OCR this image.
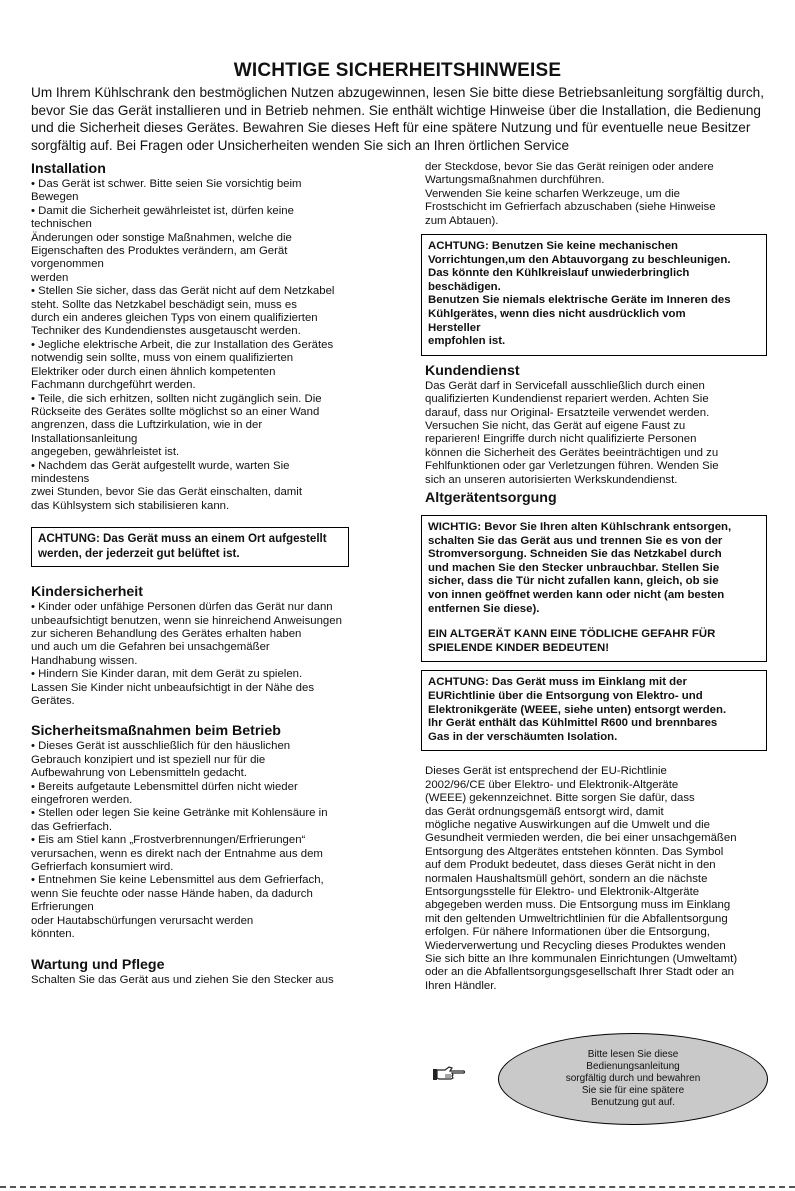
WICHTIGE SICHERHEITSHINWEISE
Um Ihrem Kühlschrank den bestmöglichen Nutzen abzugewinnen, lesen Sie bitte diese Betriebsanleitung sorgfältig durch, bevor Sie das Gerät installieren und in Betrieb nehmen. Sie enthält wichtige Hinweise über die Installation, die Bedienung und die Sicherheit dieses Gerätes. Bewahren Sie dieses Heft für eine spätere Nutzung und für eventuelle neue Besitzer sorgfältig auf. Bei Fragen oder Unsicherheiten wenden Sie sich an Ihren örtlichen Service
Installation
• Das Gerät ist schwer. Bitte seien Sie vorsichtig beim
Bewegen
• Damit die Sicherheit gewährleistet ist, dürfen keine
technischen
Änderungen oder sonstige Maßnahmen, welche die
Eigenschaften des Produktes verändern, am Gerät
vorgenommen
werden
• Stellen Sie sicher, dass das Gerät nicht auf dem Netzkabel
steht. Sollte das Netzkabel beschädigt sein, muss es
durch ein anderes gleichen Typs von einem qualifizierten
Techniker des Kundendienstes ausgetauscht werden.
• Jegliche elektrische Arbeit, die zur Installation des Gerätes
notwendig sein sollte, muss von einem qualifizierten
Elektriker oder durch einen ähnlich kompetenten
Fachmann durchgeführt werden.
• Teile, die sich erhitzen, sollten nicht zugänglich sein. Die
Rückseite des Gerätes sollte möglichst so an einer Wand
angrenzen, dass die Luftzirkulation, wie in der
Installationsanleitung
angegeben, gewährleistet ist.
• Nachdem das Gerät aufgestellt wurde, warten Sie
mindestens
zwei Stunden, bevor Sie das Gerät einschalten, damit
das Kühlsystem sich stabilisieren kann.
ACHTUNG: Das Gerät muss an einem Ort aufgestellt werden, der jederzeit gut belüftet ist.
Kindersicherheit
• Kinder oder unfähige Personen dürfen das Gerät nur dann
unbeaufsichtigt benutzen, wenn sie hinreichend Anweisungen
zur sicheren Behandlung des Gerätes erhalten haben
und auch um die Gefahren bei unsachgemäßer
Handhabung wissen.
• Hindern Sie Kinder daran, mit dem Gerät zu spielen.
Lassen Sie Kinder nicht unbeaufsichtigt in der Nähe des
Gerätes.
Sicherheitsmaßnahmen beim Betrieb
• Dieses Gerät ist ausschließlich für den häuslichen
Gebrauch konzipiert und ist speziell nur für die
Aufbewahrung von Lebensmitteln gedacht.
• Bereits aufgetaute Lebensmittel dürfen nicht wieder
eingefroren werden.
• Stellen oder legen Sie keine Getränke mit Kohlensäure in
das Gefrierfach.
• Eis am Stiel kann „Frostverbrennungen/Erfrierungen“
verursachen, wenn es direkt nach der Entnahme aus dem
Gefrierfach konsumiert wird.
• Entnehmen Sie keine Lebensmittel aus dem Gefrierfach,
wenn Sie feuchte oder nasse Hände haben, da dadurch
Erfrierungen
oder Hautabschürfungen verursacht werden
könnten.
Wartung und Pflege
Schalten Sie das Gerät aus und ziehen Sie den Stecker aus
der Steckdose, bevor Sie das Gerät reinigen oder andere
Wartungsmaßnahmen durchführen.
Verwenden Sie keine scharfen Werkzeuge, um die
Frostschicht im Gefrierfach abzuschaben (siehe Hinweise
zum Abtauen).
ACHTUNG: Benutzen Sie keine mechanischen
Vorrichtungen,um den Abtauvorgang zu beschleunigen.
Das könnte den Kühlkreislauf unwiederbringlich
beschädigen.
Benutzen Sie niemals elektrische Geräte im Inneren des
Kühlgerätes, wenn dies nicht ausdrücklich vom
Hersteller
empfohlen ist.
Kundendienst
Das Gerät darf in Servicefall ausschließlich durch einen
qualifizierten Kundendienst repariert werden. Achten Sie
darauf, dass nur Original- Ersatzteile verwendet werden.
Versuchen Sie nicht, das Gerät auf eigene Faust zu
reparieren! Eingriffe durch nicht qualifizierte Personen
können die Sicherheit des Gerätes beeinträchtigen und zu
Fehlfunktionen oder gar Verletzungen führen. Wenden Sie
sich an unseren autorisierten Werkskundendienst.
Altgerätentsorgung
WICHTIG: Bevor Sie Ihren alten Kühlschrank entsorgen,
schalten Sie das Gerät aus und trennen Sie es von der
Stromversorgung. Schneiden Sie das Netzkabel durch
und machen Sie den Stecker unbrauchbar. Stellen Sie
sicher, dass die Tür nicht zufallen kann, gleich, ob sie
von innen geöffnet werden kann oder nicht (am besten
entfernen Sie diese).
EIN ALTGERÄT KANN EINE TÖDLICHE GEFAHR FÜR
SPIELENDE KINDER BEDEUTEN!
ACHTUNG: Das Gerät muss im Einklang mit der
EURichtlinie über die Entsorgung von Elektro- und
Elektronikgeräte (WEEE, siehe unten) entsorgt werden.
Ihr Gerät enthält das Kühlmittel R600 und brennbares
Gas in der verschäumten Isolation.
Dieses Gerät ist entsprechend der EU-Richtlinie
2002/96/CE über Elektro- und Elektronik-Altgeräte
(WEEE) gekennzeichnet. Bitte sorgen Sie dafür, dass
das Gerät ordnungsgemäß entsorgt wird, damit
mögliche negative Auswirkungen auf die Umwelt und die
Gesundheit vermieden werden, die bei einer unsachgemäßen
Entsorgung des Altgerätes entstehen könnten. Das Symbol
auf dem Produkt bedeutet, dass dieses Gerät nicht in den
normalen Haushaltsmüll gehört, sondern an die nächste
Entsorgungsstelle für Elektro- und Elektronik-Altgeräte
abgegeben werden muss. Die Entsorgung muss im Einklang
mit den geltenden Umweltrichtlinien für die Abfallentsorgung
erfolgen. Für nähere Informationen über die Entsorgung,
Wiederverwertung und Recycling dieses Produktes wenden
Sie sich bitte an Ihre kommunalen Einrichtungen (Umweltamt)
oder an die Abfallentsorgungsgesellschaft Ihrer Stadt oder an
Ihren Händler.
Bitte lesen Sie diese
Bedienungsanleitung
sorgfältig durch und bewahren
Sie sie für eine spätere
Benutzung gut auf.
